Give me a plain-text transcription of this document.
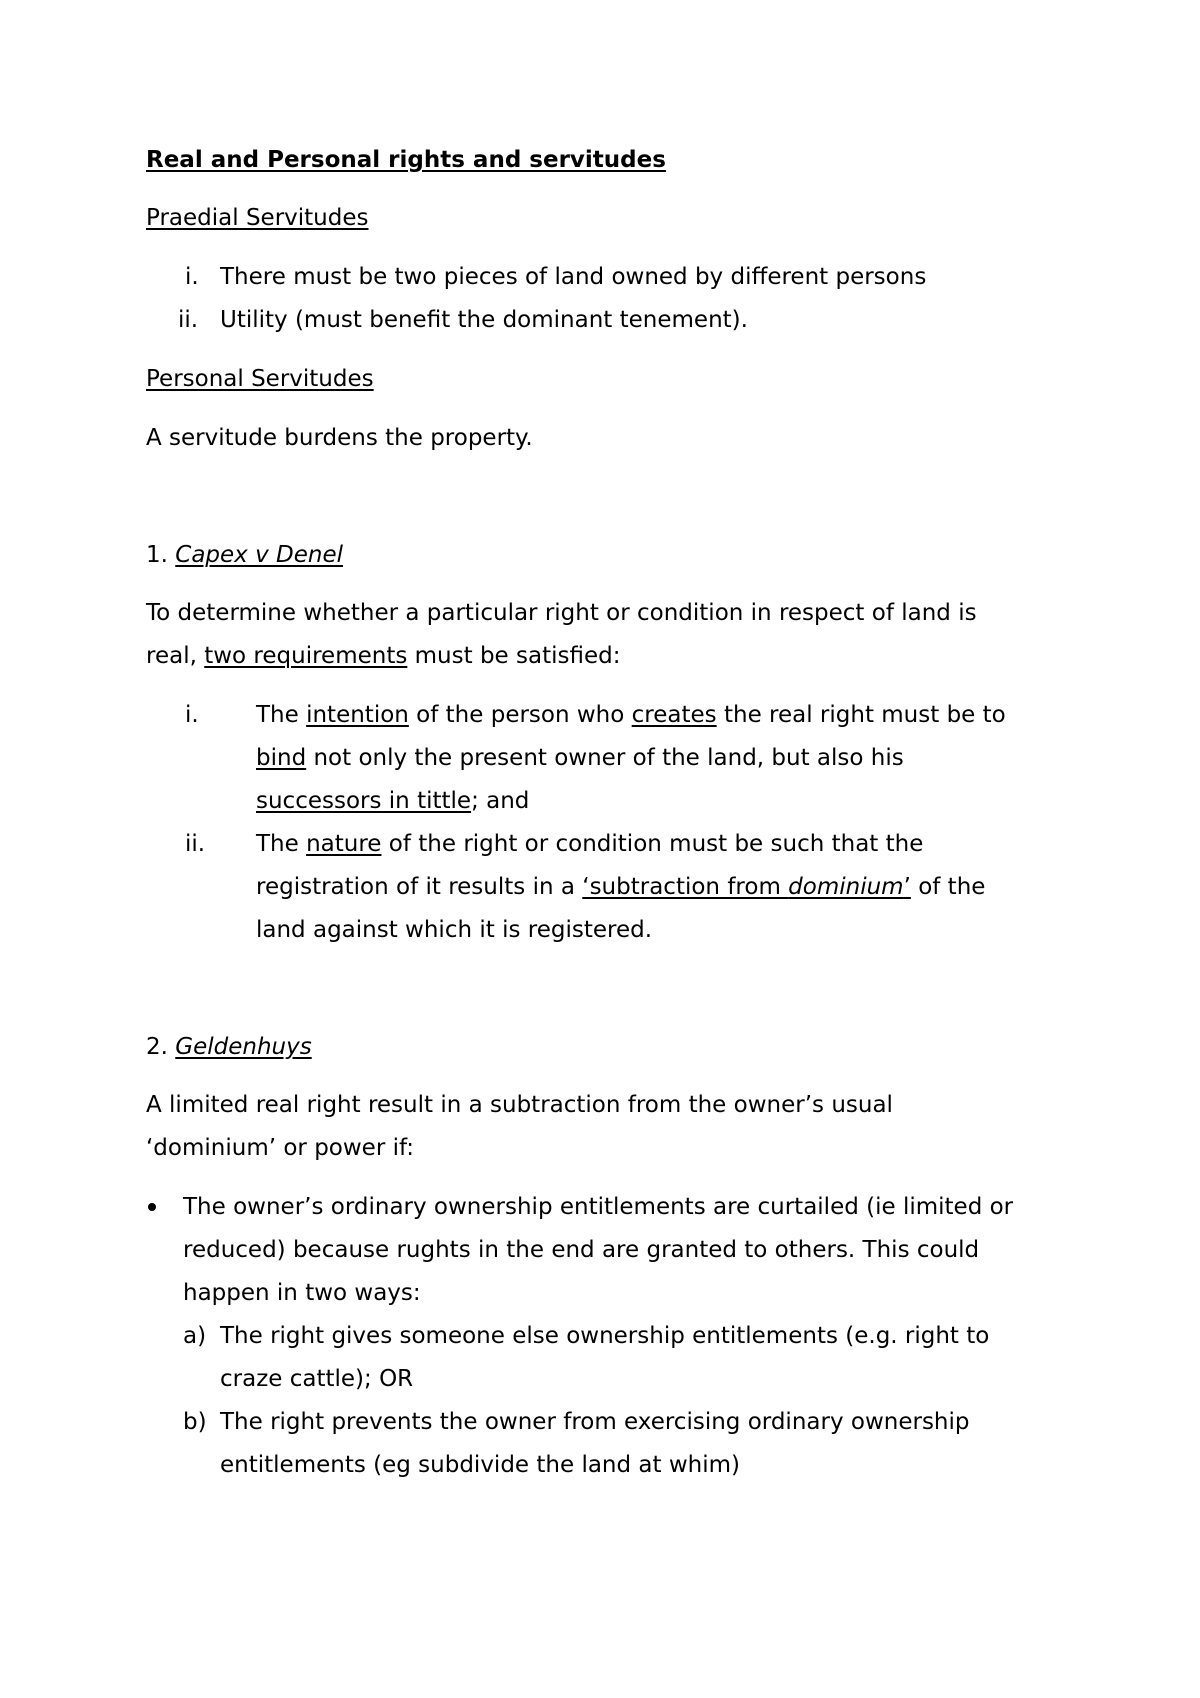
Real and Personal rights and servitudes
Praedial Servitudes
i. There must be two pieces of land owned by different persons
ii. Utility (must benefit the dominant tenement).
Personal Servitudes
A servitude burdens the property.
1. Capex v Denel
To determine whether a particular right or condition in respect of land is
real, two requirements must be satisfied:
i. The intention of the person who creates the real right must be to
bind not only the present owner of the land, but also his
successors in tittle; and
ii. The nature of the right or condition must be such that the
registration of it results in a ‘subtraction from dominium’ of the
land against which it is registered.
2. Geldenhuys
A limited real right result in a subtraction from the owner’s usual
‘dominium’ or power if:
The owner’s ordinary ownership entitlements are curtailed (ie limited or
reduced) because rughts in the end are granted to others. This could
happen in two ways:
a) The right gives someone else ownership entitlements (e.g. right to
craze cattle); OR
b) The right prevents the owner from exercising ordinary ownership
entitlements (eg subdivide the land at whim)
